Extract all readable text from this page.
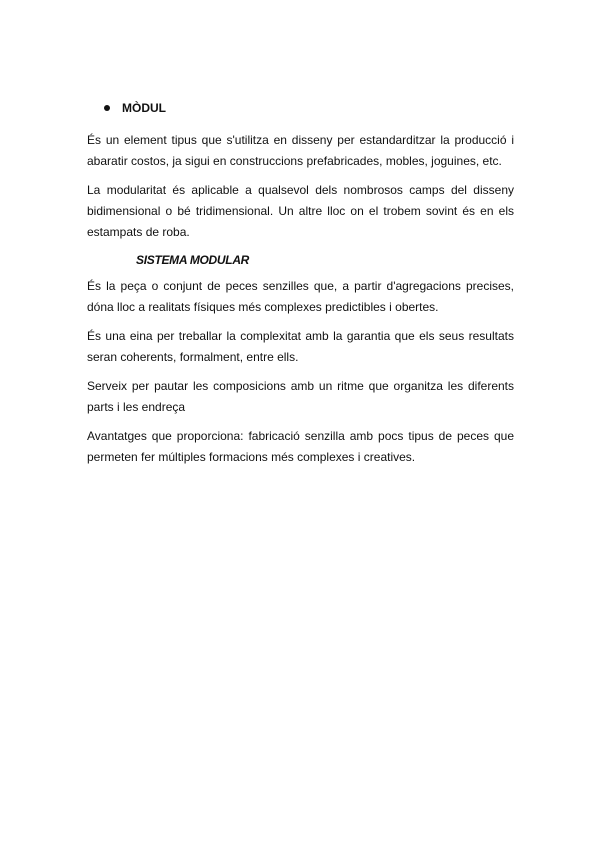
MÒDUL

És un element tipus que s'utilitza en disseny per estandarditzar la producció i abaratir costos, ja sigui en construccions prefabricades, mobles, joguines, etc.

La modularitat és aplicable a qualsevol dels nombrosos camps del disseny bidimensional o bé tridimensional. Un altre lloc on el trobem sovint és en els estampats de roba.

SISTEMA MODULAR

És la peça o conjunt de peces senzilles que, a partir d'agregacions precises, dóna lloc a realitats físiques més complexes predictibles i obertes.

És una eina per treballar la complexitat amb la garantia que els seus resultats seran coherents, formalment, entre ells.

Serveix per pautar les composicions amb un ritme que organitza les diferents parts i les endreça

Avantatges que proporciona: fabricació senzilla amb pocs tipus de peces que permeten fer múltiples formacions més complexes i creatives.
